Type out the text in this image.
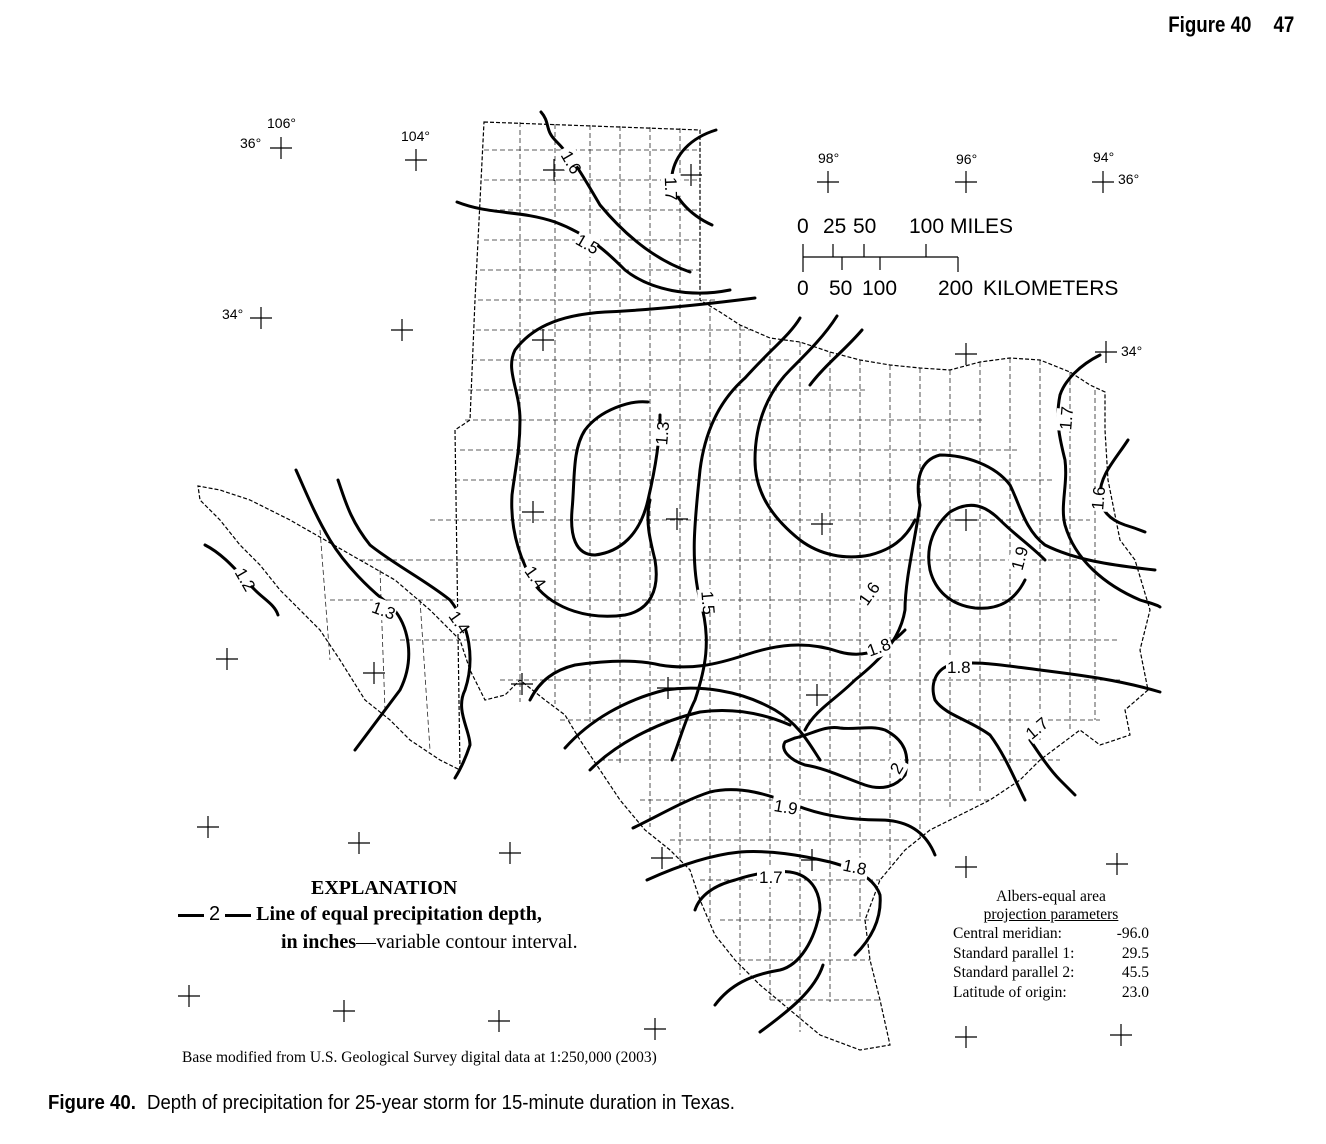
Figure 40 47
106°
36°	104°
98°	96°	94°
36°
34°
34°
1.6
1.7
1.5
1.3
1.4
1.2
1.3	1.4
1.5	1.6
1.7
1.6
1.9
1.8
1.8
1.7
2
1.9
1.8
1.7
0 25 50 100 MILES
0 50 100 200 KILOMETERS
EXPLANATION
2 Line of equal precipitation depth,
in inches—variable contour interval.
Albers-equal area
projection parameters
Central meridian:	-96.0
Standard parallel 1:	29.5
Standard parallel 2:	45.5
Latitude of origin:	23.0
Base modified from U.S. Geological Survey digital data at 1:250,000 (2003)
Figure 40. Depth of precipitation for 25-year storm for 15-minute duration in Texas.
